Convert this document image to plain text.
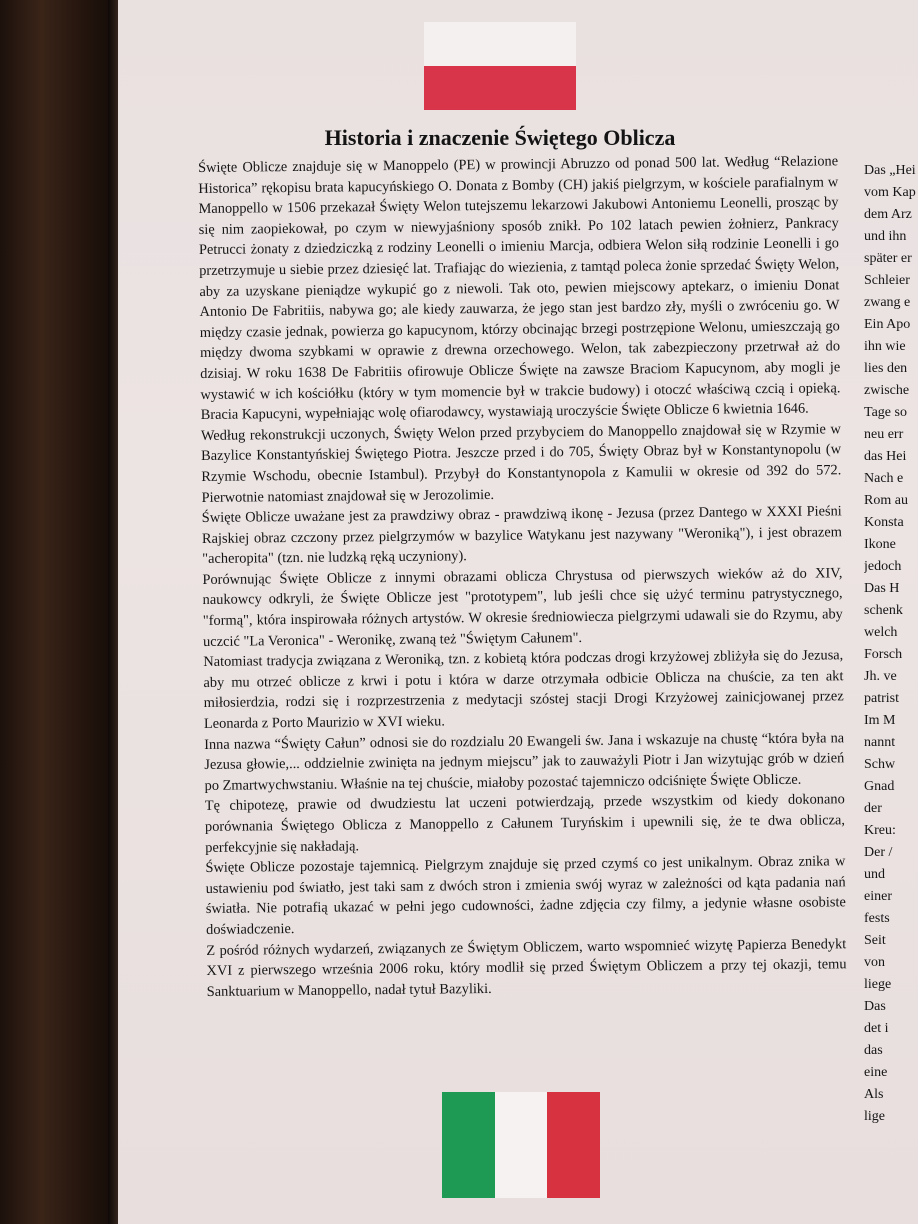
Historia i znaczenie Świętego Oblicza

Święte Oblicze znajduje się w Manoppelo (PE) w prowincji Abruzzo od ponad 500 lat. Według “Relazione Historica” rękopisu brata kapucyńskiego O. Donata z Bomby (CH) jakiś pielgrzym, w kościele parafialnym w Manoppello w 1506 przekazał Święty Welon tutejszemu lekarzowi Jakubowi Antoniemu Leonelli, prosząc by się nim zaopiekował, po czym w niewyjaśniony sposób znikł. Po 102 latach pewien żołnierz, Pankracy Petrucci żonaty z dziedziczką z rodziny Leonelli o imieniu Marcja, odbiera Welon siłą rodzinie Leonelli i go przetrzymuje u siebie przez dziesięć lat. Trafiając do wiezienia, z tamtąd poleca żonie sprzedać Święty Welon, aby za uzyskane pieniądze wykupić go z niewoli. Tak oto, pewien miejscowy aptekarz, o imieniu Donat Antonio De Fabritiis, nabywa go; ale kiedy zauwarza, że jego stan jest bardzo zły, myśli o zwróceniu go. W między czasie jednak, powierza go kapucynom, którzy obcinając brzegi postrzępione Welonu, umieszczają go między dwoma szybkami w oprawie z drewna orzechowego. Welon, tak zabezpieczony przetrwał aż do dzisiaj. W roku 1638 De Fabritiis ofirowuje Oblicze Święte na zawsze Braciom Kapucynom, aby mogli je wystawić w ich kościółku (który w tym momencie był w trakcie budowy) i otoczć właściwą czcią i opieką. Bracia Kapucyni, wypełniając wolę ofiarodawcy, wystawiają uroczyście Święte Oblicze 6 kwietnia 1646.

Według rekonstrukcji uczonych, Święty Welon przed przybyciem do Manoppello znajdował się w Rzymie w Bazylice Konstantyńskiej Świętego Piotra. Jeszcze przed i do 705, Święty Obraz był w Konstantynopolu (w Rzymie Wschodu, obecnie Istambul). Przybył do Konstantynopola z Kamulii w okresie od 392 do 572. Pierwotnie natomiast znajdował się w Jerozolimie.

Święte Oblicze uważane jest za prawdziwy obraz - prawdziwą ikonę - Jezusa (przez Dantego w XXXI Pieśni Rajskiej obraz czczony przez pielgrzymów w bazylice Watykanu jest nazywany "Weroniką"), i jest obrazem "acheropita" (tzn. nie ludzką ręką uczyniony).

Porównując Święte Oblicze z innymi obrazami oblicza Chrystusa od pierwszych wieków aż do XIV, naukowcy odkryli, że Święte Oblicze jest "prototypem", lub jeśli chce się użyć terminu patrystycznego, "formą", która inspirowała różnych artystów. W okresie średniowiecza pielgrzymi udawali sie do Rzymu, aby uczcić "La Veronica" - Weronikę, zwaną też "Świętym Całunem".

Natomiast tradycja związana z Weroniką, tzn. z kobietą która podczas drogi krzyżowej zbliżyła się do Jezusa, aby mu otrzeć oblicze z krwi i potu i która w darze otrzymała odbicie Oblicza na chuście, za ten akt miłosierdzia, rodzi się i rozprzestrzenia z medytacji szóstej stacji Drogi Krzyżowej zainicjowanej przez Leonarda z Porto Maurizio w XVI wieku.

Inna nazwa “Święty Całun” odnosi sie do rozdzialu 20 Ewangeli św. Jana i wskazuje na chustę “która była na Jezusa głowie,... oddzielnie zwinięta na jednym miejscu” jak to zauważyli Piotr i Jan wizytując grób w dzień po Zmartwychwstaniu. Właśnie na tej chuście, miałoby pozostać tajemniczo odciśnięte Święte Oblicze.

Tę chipotezę, prawie od dwudziestu lat uczeni potwierdzają, przede wszystkim od kiedy dokonano porównania Świętego Oblicza z Manoppello z Całunem Turyńskim i upewnili się, że te dwa oblicza, perfekcyjnie się nakładają.

Święte Oblicze pozostaje tajemnicą. Pielgrzym znajduje się przed czymś co jest unikalnym. Obraz znika w ustawieniu pod światło, jest taki sam z dwóch stron i zmienia swój wyraz w zależności od kąta padania nań światła. Nie potrafią ukazać w pełni jego cudowności, żadne zdjęcia czy filmy, a jedynie własne osobiste doświadczenie.

Z pośród różnych wydarzeń, związanych ze Świętym Obliczem, warto wspomnieć wizytę Papierza Benedykt XVI z pierwszego września 2006 roku, który modlił się przed Świętym Obliczem a przy tej okazji, temu Sanktuarium w Manoppello, nadał tytuł Bazyliki.

Das „Hei
vom Kap
dem Arz
und ihn
später er
Schleier
zwang e
Ein Apo
ihn wie
lies den
zwische
Tage so
neu err
das Hei
Nach e
Rom au
Konsta
Ikone
jedoch
Das H
schenk
welch
Forsch
Jh. ve
patrist
Im M
nannt
Schw
Gnad
der
Kreu:
Der /
und
einer
fests
Seit
von
liege
Das
det i
das
eine
Als
lige
